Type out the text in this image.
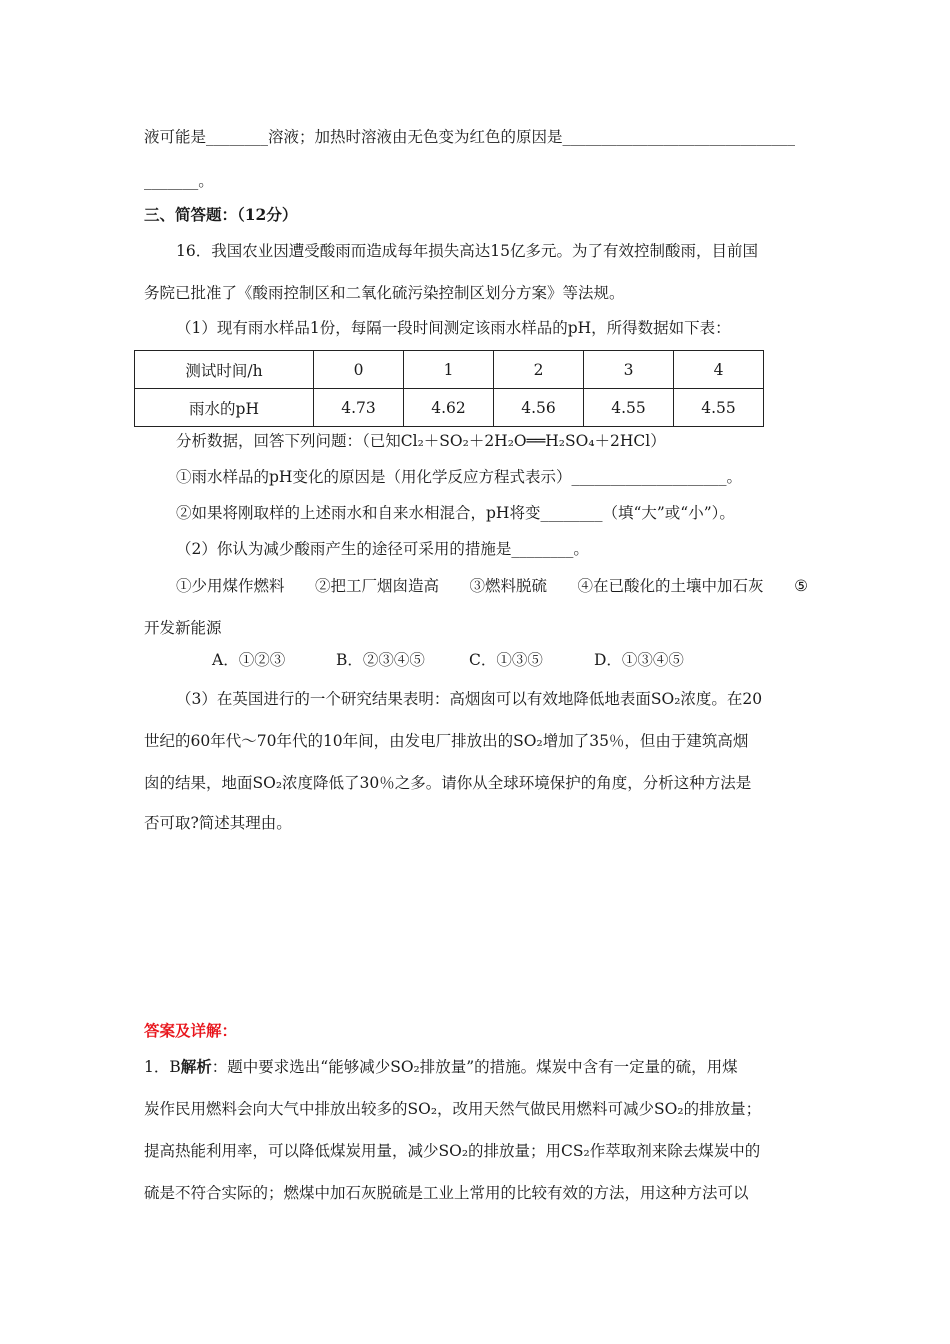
液可能是________溶液；加热时溶液由无色变为红色的原因是______________________________
_______。
三、简答题：（12分）
16．我国农业因遭受酸雨而造成每年损失高达15亿多元。为了有效控制酸雨，目前国
务院已批准了《酸雨控制区和二氧化硫污染控制区划分方案》等法规。
（1）现有雨水样品1份，每隔一段时间测定该雨水样品的pH，所得数据如下表：
测试时间/h	0	1	2	3	4
雨水的pH	4.73	4.62	4.56	4.55	4.55
分析数据，回答下列问题：（已知Cl₂＋SO₂＋2H₂O══H₂SO₄＋2HCl）
①雨水样品的pH变化的原因是（用化学反应方程式表示）____________________。
②如果将刚取样的上述雨水和自来水相混合，pH将变________（填“大”或“小”）。
（2）你认为减少酸雨产生的途径可采用的措施是________。
①少用煤作燃料 ②把工厂烟囱造高 ③燃料脱硫 ④在已酸化的土壤中加石灰 ⑤
开发新能源
A．①②③	B．②③④⑤	C．①③⑤	D．①③④⑤
（3）在英国进行的一个研究结果表明：高烟囱可以有效地降低地表面SO₂浓度。在20
世纪的60年代～70年代的10年间，由发电厂排放出的SO₂增加了35％，但由于建筑高烟
囱的结果，地面SO₂浓度降低了30％之多。请你从全球环境保护的角度，分析这种方法是
否可取?简述其理由。
答案及详解：
1．B解析：题中要求选出“能够减少SO₂排放量”的措施。煤炭中含有一定量的硫，用煤
炭作民用燃料会向大气中排放出较多的SO₂，改用天然气做民用燃料可减少SO₂的排放量；
提高热能利用率，可以降低煤炭用量，减少SO₂的排放量；用CS₂作萃取剂来除去煤炭中的
硫是不符合实际的；燃煤中加石灰脱硫是工业上常用的比较有效的方法，用这种方法可以
